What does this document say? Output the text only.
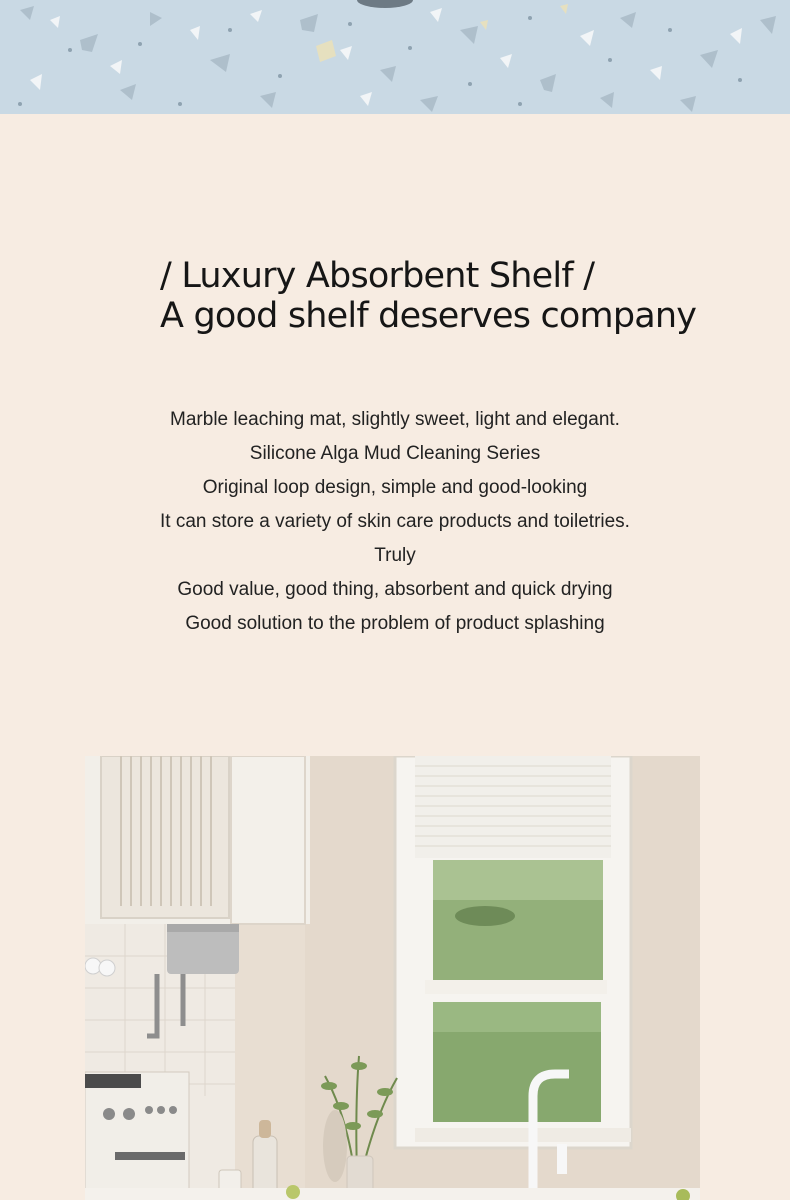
/ Luxury Absorbent Shelf /
A good shelf deserves company
Marble leaching mat, slightly sweet, light and elegant.
Silicone Alga Mud Cleaning Series
Original loop design, simple and good-looking
It can store a variety of skin care products and toiletries.
Truly
Good value, good thing, absorbent and quick drying
Good solution to the problem of product splashing
